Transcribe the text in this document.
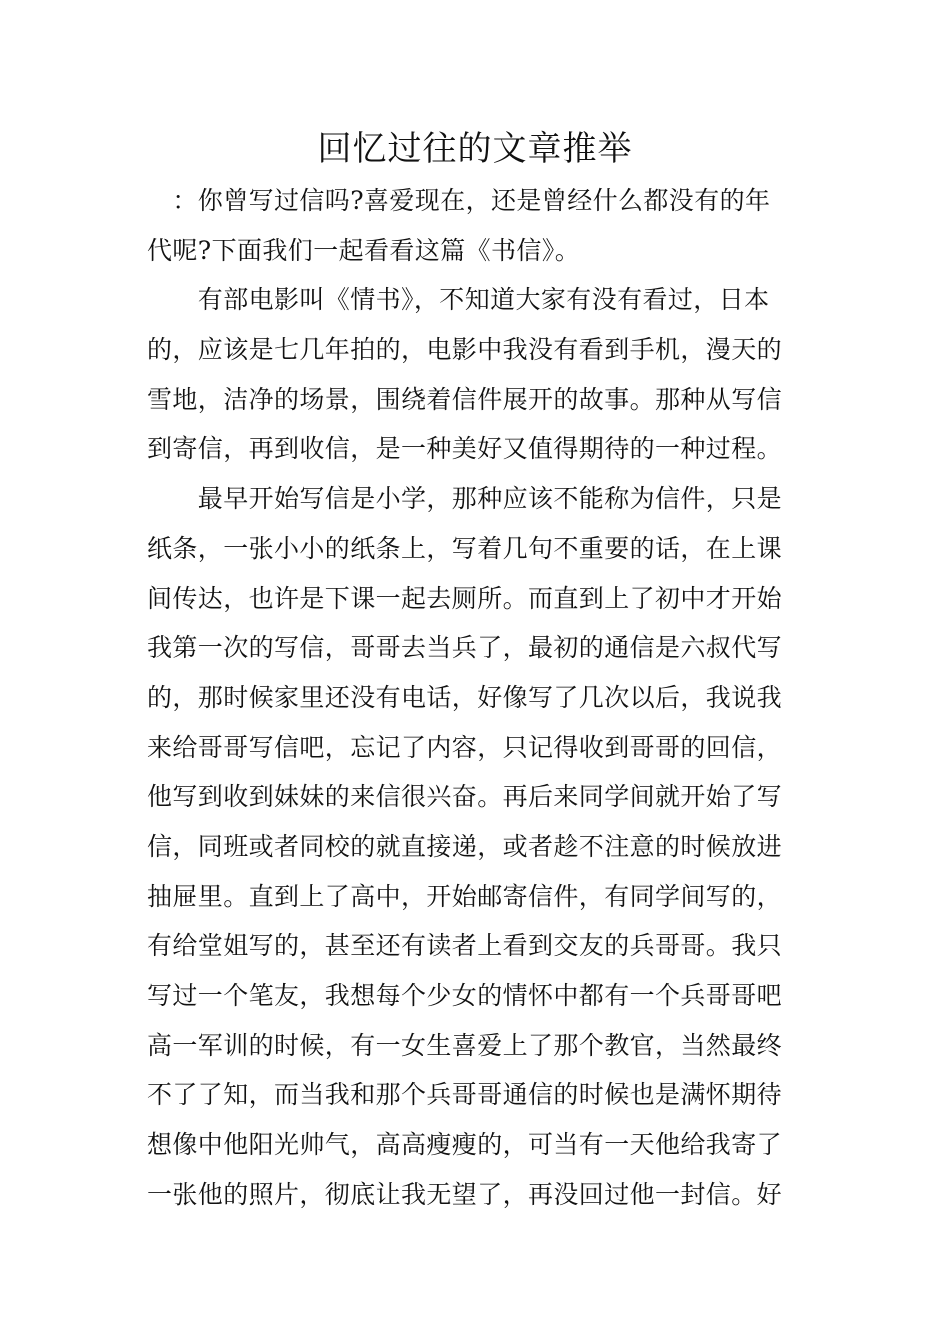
回忆过往的文章推举
　：你曾写过信吗?喜爱现在，还是曾经什么都没有的年
代呢?下面我们一起看看这篇《书信》。
　　有部电影叫《情书》，不知道大家有没有看过，日本
的，应该是七几年拍的，电影中我没有看到手机，漫天的
雪地，洁净的场景，围绕着信件展开的故事。那种从写信
到寄信，再到收信，是一种美好又值得期待的一种过程。
　　最早开始写信是小学，那种应该不能称为信件，只是
纸条，一张小小的纸条上，写着几句不重要的话，在上课
间传达，也许是下课一起去厕所。而直到上了初中才开始
我第一次的写信，哥哥去当兵了，最初的通信是六叔代写
的，那时候家里还没有电话，好像写了几次以后，我说我
来给哥哥写信吧，忘记了内容，只记得收到哥哥的回信，
他写到收到妹妹的来信很兴奋。再后来同学间就开始了写
信，同班或者同校的就直接递，或者趁不注意的时候放进
抽屉里。直到上了高中，开始邮寄信件，有同学间写的，
有给堂姐写的，甚至还有读者上看到交友的兵哥哥。我只
写过一个笔友，我想每个少女的情怀中都有一个兵哥哥吧
高一军训的时候，有一女生喜爱上了那个教官，当然最终
不了了知，而当我和那个兵哥哥通信的时候也是满怀期待
想像中他阳光帅气，高高瘦瘦的，可当有一天他给我寄了
一张他的照片，彻底让我无望了，再没回过他一封信。好
